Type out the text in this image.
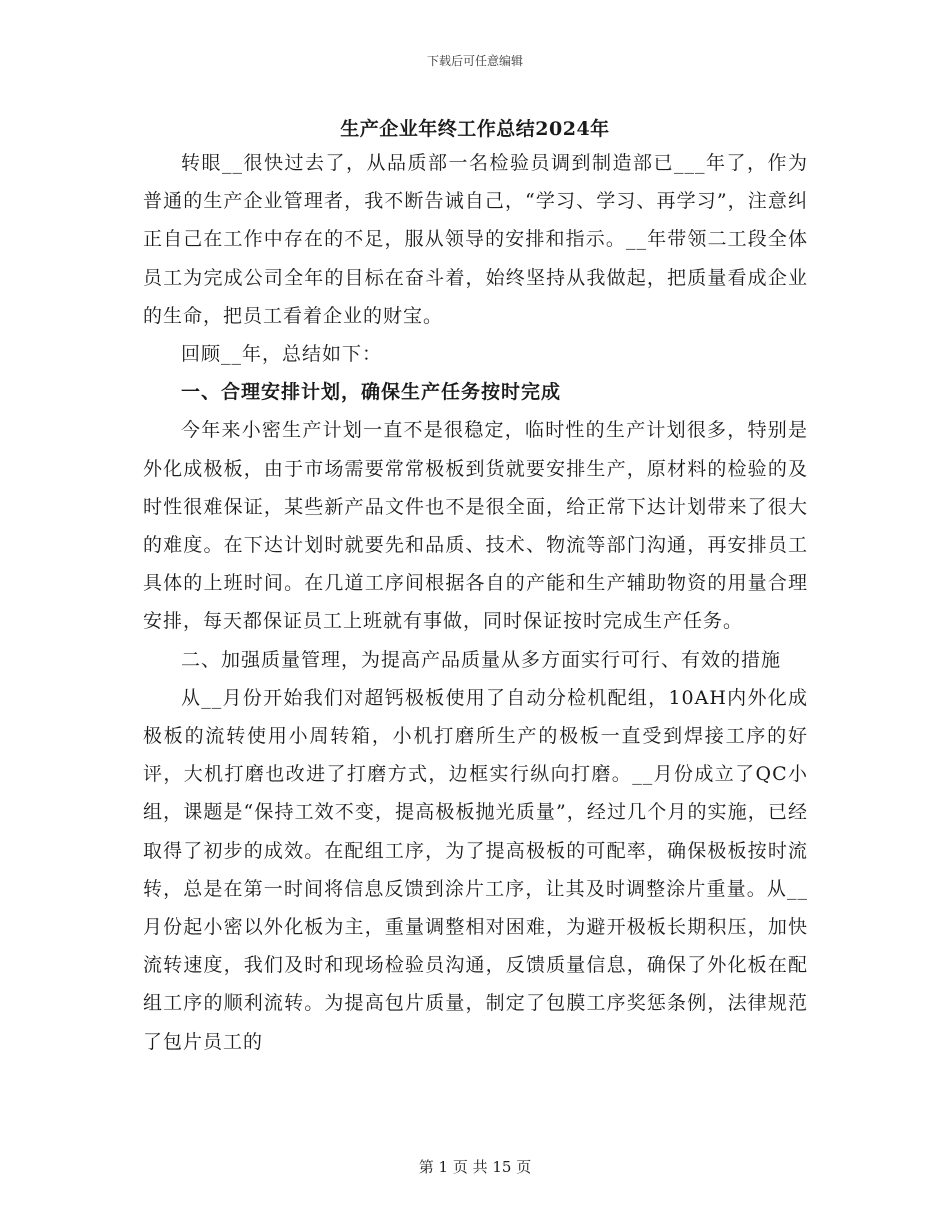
下载后可任意编辑
生产企业年终工作总结2024年

转眼__很快过去了，从品质部一名检验员调到制造部已___年了，作为普通的生产企业管理者，我不断告诫自己，“学习、学习、再学习”，注意纠正自己在工作中存在的不足，服从领导的安排和指示。__年带领二工段全体员工为完成公司全年的目标在奋斗着，始终坚持从我做起，把质量看成企业的生命，把员工看着企业的财宝。

回顾__年，总结如下：

一、合理安排计划，确保生产任务按时完成

今年来小密生产计划一直不是很稳定，临时性的生产计划很多，特别是外化成极板，由于市场需要常常极板到货就要安排生产，原材料的检验的及时性很难保证，某些新产品文件也不是很全面，给正常下达计划带来了很大的难度。在下达计划时就要先和品质、技术、物流等部门沟通，再安排员工具体的上班时间。在几道工序间根据各自的产能和生产辅助物资的用量合理安排，每天都保证员工上班就有事做，同时保证按时完成生产任务。

二、加强质量管理，为提高产品质量从多方面实行可行、有效的措施

从__月份开始我们对超钙极板使用了自动分检机配组，10AH内外化成极板的流转使用小周转箱，小机打磨所生产的极板一直受到焊接工序的好评，大机打磨也改进了打磨方式，边框实行纵向打磨。__月份成立了QC小组，课题是“保持工效不变，提高极板抛光质量”，经过几个月的实施，已经取得了初步的成效。在配组工序，为了提高极板的可配率，确保极板按时流转，总是在第一时间将信息反馈到涂片工序，让其及时调整涂片重量。从__月份起小密以外化板为主，重量调整相对困难，为避开极板长期积压，加快流转速度，我们及时和现场检验员沟通，反馈质量信息，确保了外化板在配组工序的顺利流转。为提高包片质量，制定了包膜工序奖惩条例，法律规范了包片员工的

第 1 页 共 15 页
